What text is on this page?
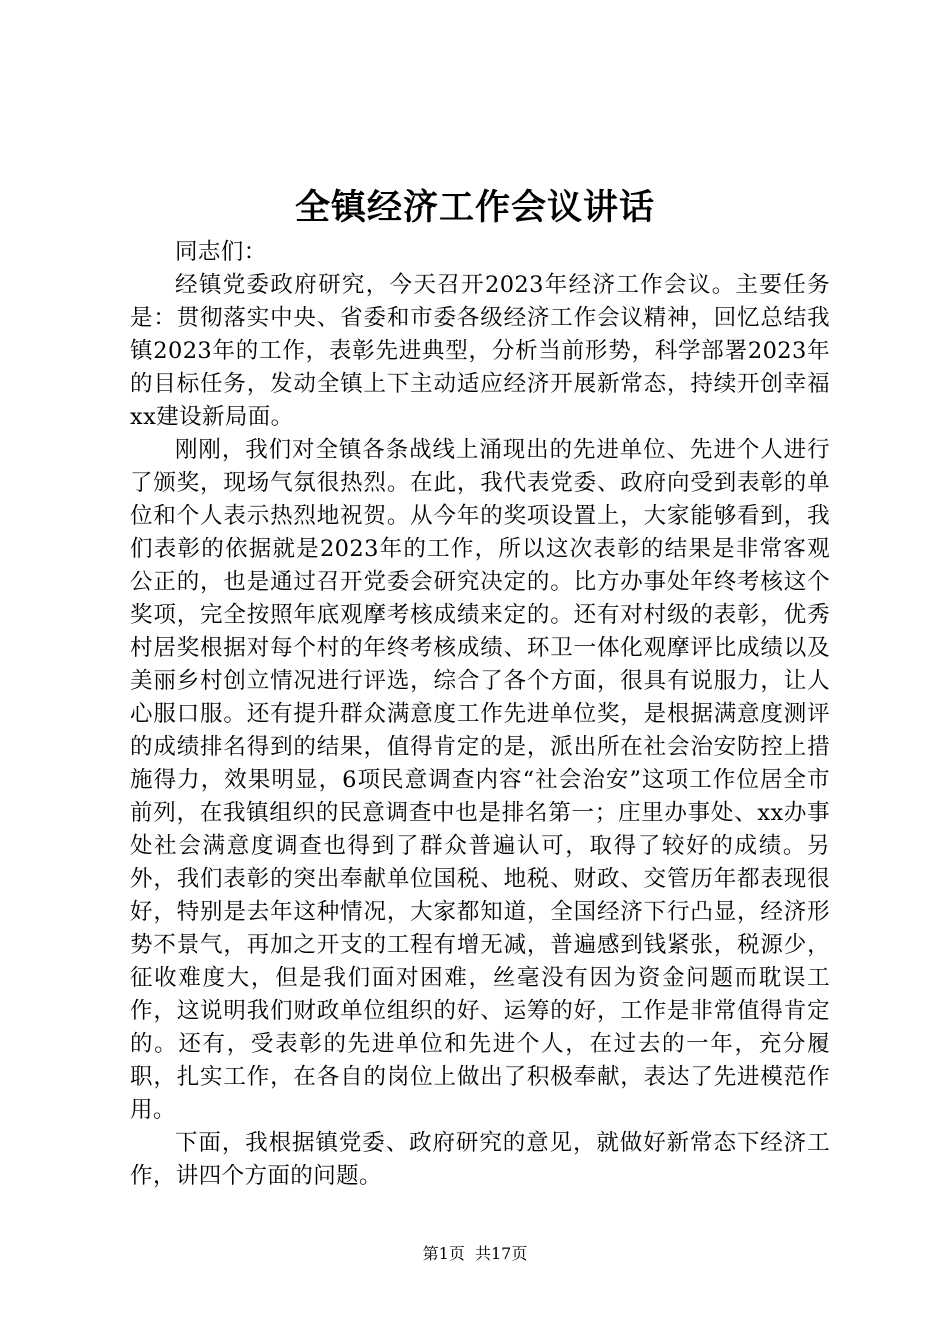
全镇经济工作会议讲话

同志们：

经镇党委政府研究，今天召开2023年经济工作会议。主要任务是：贯彻落实中央、省委和市委各级经济工作会议精神，回忆总结我镇2023年的工作，表彰先进典型，分析当前形势，科学部署2023年的目标任务，发动全镇上下主动适应经济开展新常态，持续开创幸福xx建设新局面。

刚刚，我们对全镇各条战线上涌现出的先进单位、先进个人进行了颁奖，现场气氛很热烈。在此，我代表党委、政府向受到表彰的单位和个人表示热烈地祝贺。从今年的奖项设置上，大家能够看到，我们表彰的依据就是2023年的工作，所以这次表彰的结果是非常客观公正的，也是通过召开党委会研究决定的。比方办事处年终考核这个奖项，完全按照年底观摩考核成绩来定的。还有对村级的表彰，优秀村居奖根据对每个村的年终考核成绩、环卫一体化观摩评比成绩以及美丽乡村创立情况进行评选，综合了各个方面，很具有说服力，让人心服口服。还有提升群众满意度工作先进单位奖，是根据满意度测评的成绩排名得到的结果，值得肯定的是，派出所在社会治安防控上措施得力，效果明显，6项民意调查内容“社会治安”这项工作位居全市前列，在我镇组织的民意调查中也是排名第一；庄里办事处、xx办事处社会满意度调查也得到了群众普遍认可，取得了较好的成绩。另外，我们表彰的突出奉献单位国税、地税、财政、交管历年都表现很好，特别是去年这种情况，大家都知道，全国经济下行凸显，经济形势不景气，再加之开支的工程有增无减，普遍感到钱紧张，税源少，征收难度大，但是我们面对困难，丝毫没有因为资金问题而耽误工作，这说明我们财政单位组织的好、运筹的好，工作是非常值得肯定的。还有，受表彰的先进单位和先进个人，在过去的一年，充分履职，扎实工作，在各自的岗位上做出了积极奉献，表达了先进模范作用。

下面，我根据镇党委、政府研究的意见，就做好新常态下经济工作，讲四个方面的问题。

第1页  共17页
